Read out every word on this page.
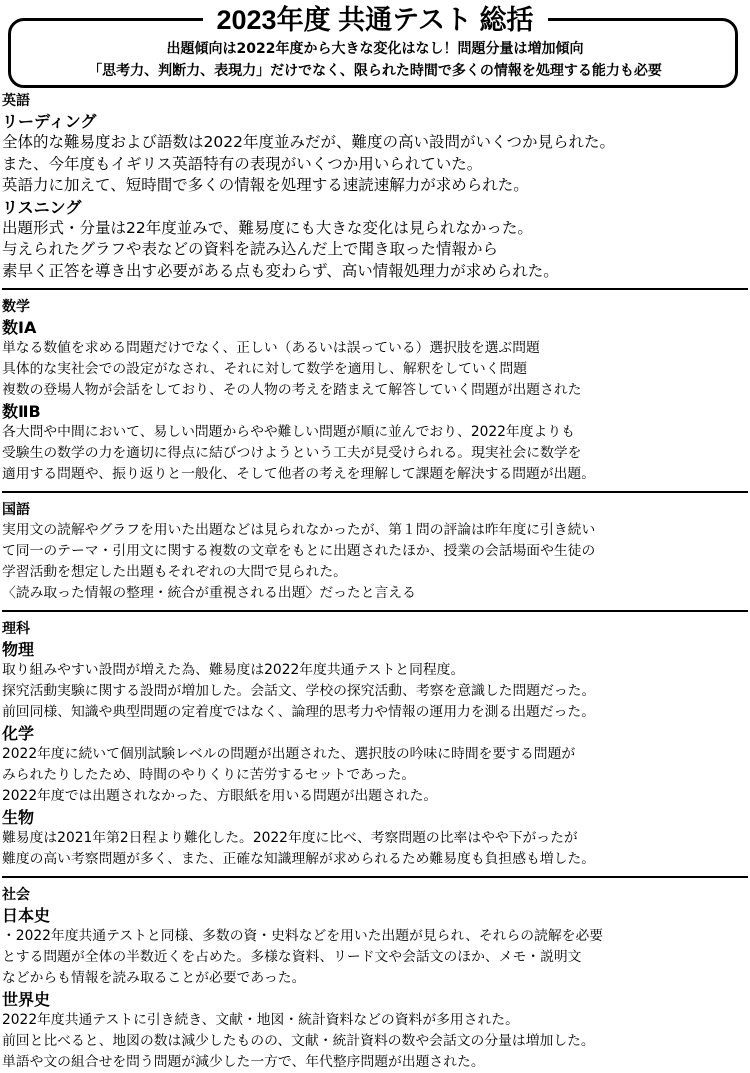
2023年度 共通テスト 総括
出題傾向は2022年度から大きな変化はなし！問題分量は増加傾向
「思考力、判断力、表現力」だけでなく、限られた時間で多くの情報を処理する能力も必要
英語
リーディング
全体的な難易度および語数は2022年度並みだが、難度の高い設問がいくつか見られた。
また、今年度もイギリス英語特有の表現がいくつか用いられていた。
英語力に加えて、短時間で多くの情報を処理する速読速解力が求められた。
リスニング
出題形式・分量は22年度並みで、難易度にも大きな変化は見られなかった。
与えられたグラフや表などの資料を読み込んだ上で聞き取った情報から
素早く正答を導き出す必要がある点も変わらず、高い情報処理力が求められた。
数学
数ⅠA
単なる数値を求める問題だけでなく、正しい（あるいは誤っている）選択肢を選ぶ問題
具体的な実社会での設定がなされ、それに対して数学を適用し、解釈をしていく問題
複数の登場人物が会話をしており、その人物の考えを踏まえて解答していく問題が出題された
数ⅡB
各大問や中間において、易しい問題からやや難しい問題が順に並んでおり、2022年度よりも
受験生の数学の力を適切に得点に結びつけようという工夫が見受けられる。現実社会に数学を
適用する問題や、振り返りと一般化、そして他者の考えを理解して課題を解決する問題が出題。
国語
実用文の読解やグラフを用いた出題などは見られなかったが、第１問の評論は昨年度に引き続い
て同一のテーマ・引用文に関する複数の文章をもとに出題されたほか、授業の会話場面や生徒の
学習活動を想定した出題もそれぞれの大問で見られた。
〈読み取った情報の整理・統合が重視される出題〉だったと言える
理科
物理
取り組みやすい設問が増えた為、難易度は2022年度共通テストと同程度。
探究活動実験に関する設問が増加した。会話文、学校の探究活動、考察を意識した問題だった。
前回同様、知識や典型問題の定着度ではなく、論理的思考力や情報の運用力を測る出題だった。
化学
2022年度に続いて個別試験レベルの問題が出題された、選択肢の吟味に時間を要する問題が
みられたりしたため、時間のやりくりに苦労するセットであった。
2022年度では出題されなかった、方眼紙を用いる問題が出題された。
生物
難易度は2021年第2日程より難化した。2022年度に比べ、考察問題の比率はやや下がったが
難度の高い考察問題が多く、また、正確な知識理解が求められるため難易度も負担感も増した。
社会
日本史
・2022年度共通テストと同様、多数の資・史料などを用いた出題が見られ、それらの読解を必要
とする問題が全体の半数近くを占めた。多様な資料、リード文や会話文のほか、メモ・説明文
などからも情報を読み取ることが必要であった。
世界史
2022年度共通テストに引き続き、文献・地図・統計資料などの資料が多用された。
前回と比べると、地図の数は減少したものの、文献・統計資料の数や会話文の分量は増加した。
単語や文の組合せを問う問題が減少した一方で、年代整序問題が出題された。
